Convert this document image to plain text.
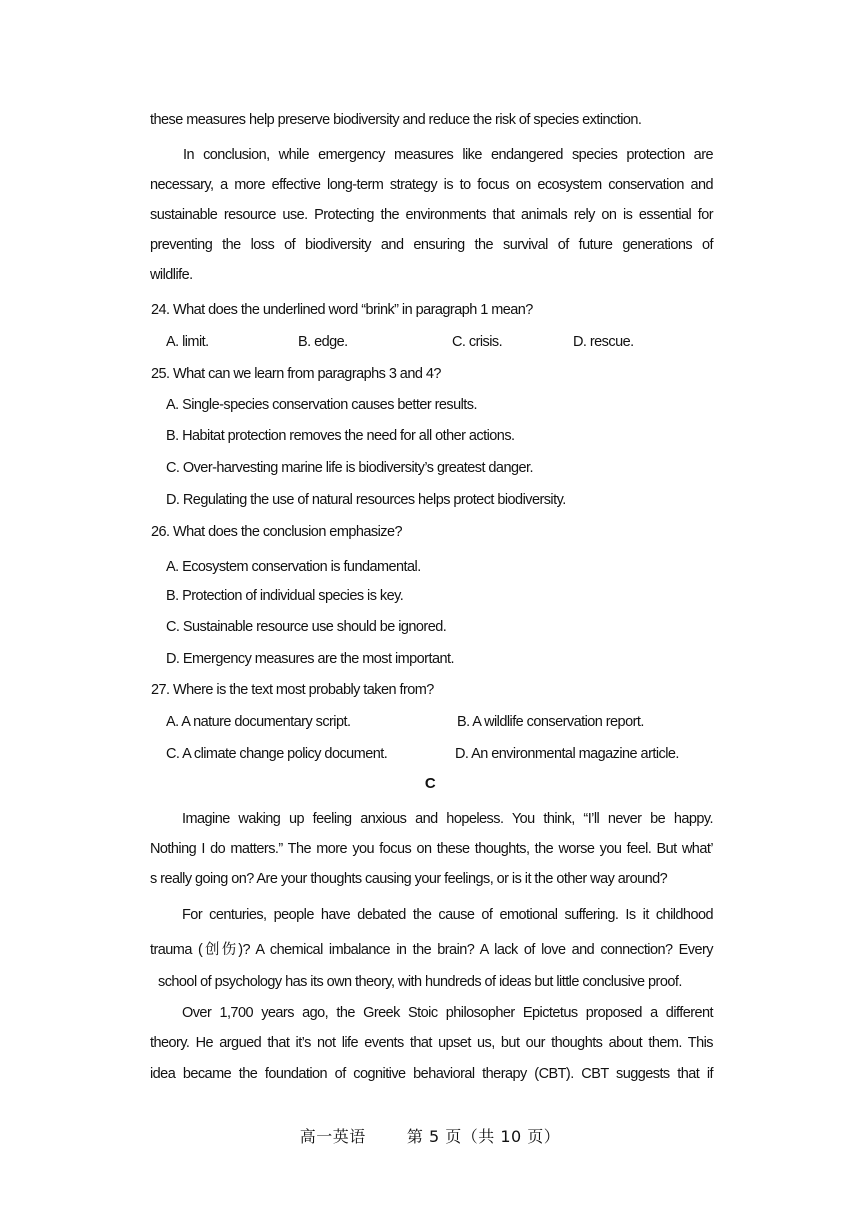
these measures help preserve biodiversity and reduce the risk of species extinction.
In conclusion, while emergency measures like endangered species protection are
necessary, a more effective long-term strategy is to focus on ecosystem conservation and
sustainable resource use. Protecting the environments that animals rely on is essential for
preventing the loss of biodiversity and ensuring the survival of future generations of
wildlife.
24. What does the underlined word “brink” in paragraph 1 mean?
A. limit.	B. edge.	C. crisis.	D. rescue.
25. What can we learn from paragraphs 3 and 4?
A. Single-species conservation causes better results.
B. Habitat protection removes the need for all other actions.
C. Over-harvesting marine life is biodiversity’s greatest danger.
D. Regulating the use of natural resources helps protect biodiversity.
26. What does the conclusion emphasize?
A. Ecosystem conservation is fundamental.
B. Protection of individual species is key.
C. Sustainable resource use should be ignored.
D. Emergency measures are the most important.
27. Where is the text most probably taken from?
A. A nature documentary script.	B. A wildlife conservation report.
C. A climate change policy document.	D. An environmental magazine article.
C
Imagine waking up feeling anxious and hopeless. You think, “I’ll never be happy.
Nothing I do matters.” The more you focus on these thoughts, the worse you feel. But what’
s really going on? Are your thoughts causing your feelings, or is it the other way around?
For centuries, people have debated the cause of emotional suffering. Is it childhood
trauma (创伤)? A chemical imbalance in the brain? A lack of love and connection? Every
school of psychology has its own theory, with hundreds of ideas but little conclusive proof.
Over 1,700 years ago, the Greek Stoic philosopher Epictetus proposed a different
theory. He argued that it’s not life events that upset us, but our thoughts about them. This
idea became the foundation of cognitive behavioral therapy (CBT). CBT suggests that if
高一英语	第 5 页（共 10 页）
